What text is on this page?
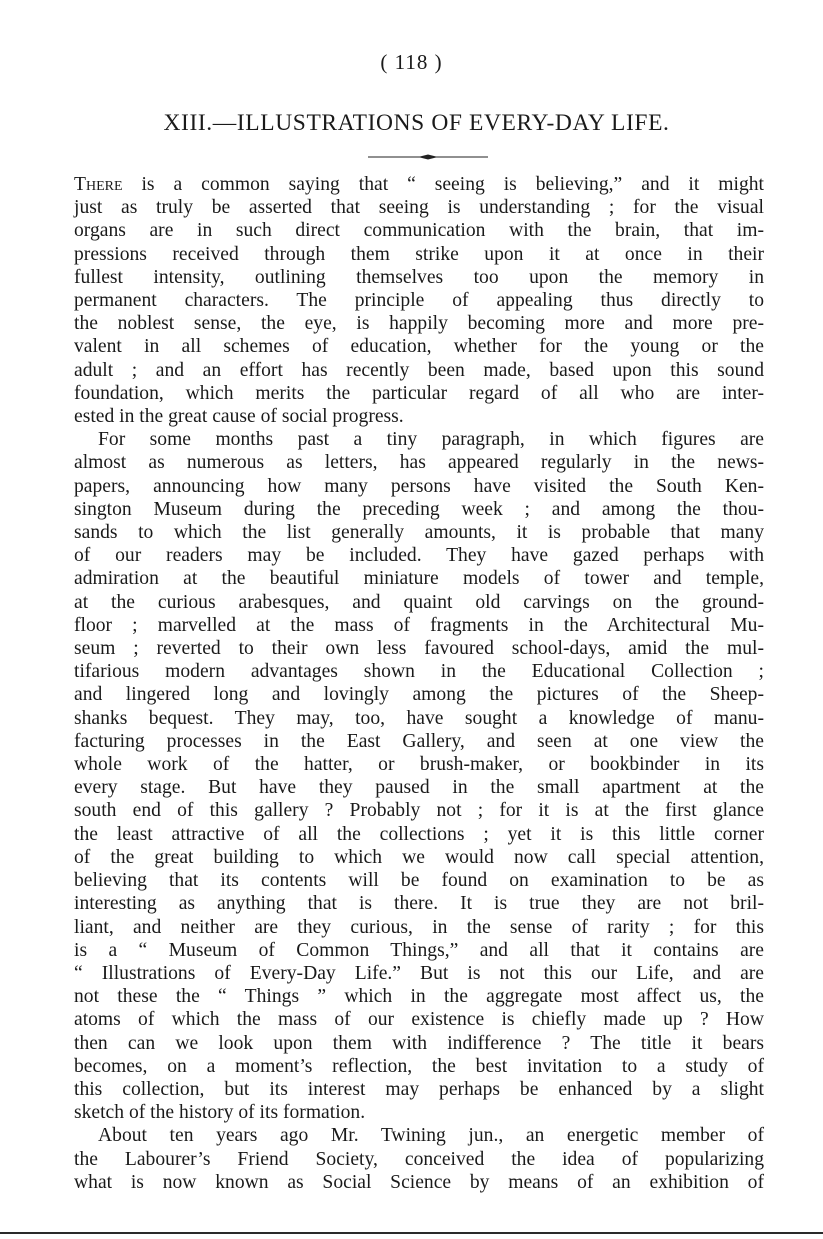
( 118 )
XIII.—ILLUSTRATIONS OF EVERY-DAY LIFE.
There is a common saying that “ seeing is believing,” and it might
just as truly be asserted that seeing is understanding ; for the visual
organs are in such direct communication with the brain, that im-
pressions received through them strike upon it at once in their
fullest intensity, outlining themselves too upon the memory in
permanent characters. The principle of appealing thus directly to
the noblest sense, the eye, is happily becoming more and more pre-
valent in all schemes of education, whether for the young or the
adult ; and an effort has recently been made, based upon this sound
foundation, which merits the particular regard of all who are inter-
ested in the great cause of social progress.
For some months past a tiny paragraph, in which figures are
almost as numerous as letters, has appeared regularly in the news-
papers, announcing how many persons have visited the South Ken-
sington Museum during the preceding week ; and among the thou-
sands to which the list generally amounts, it is probable that many
of our readers may be included. They have gazed perhaps with
admiration at the beautiful miniature models of tower and temple,
at the curious arabesques, and quaint old carvings on the ground-
floor ; marvelled at the mass of fragments in the Architectural Mu-
seum ; reverted to their own less favoured school-days, amid the mul-
tifarious modern advantages shown in the Educational Collection ;
and lingered long and lovingly among the pictures of the Sheep-
shanks bequest. They may, too, have sought a knowledge of manu-
facturing processes in the East Gallery, and seen at one view the
whole work of the hatter, or brush-maker, or bookbinder in its
every stage. But have they paused in the small apartment at the
south end of this gallery ? Probably not ; for it is at the first glance
the least attractive of all the collections ; yet it is this little corner
of the great building to which we would now call special attention,
believing that its contents will be found on examination to be as
interesting as anything that is there. It is true they are not bril-
liant, and neither are they curious, in the sense of rarity ; for this
is a “ Museum of Common Things,” and all that it contains are
“ Illustrations of Every-Day Life.” But is not this our Life, and are
not these the “ Things ” which in the aggregate most affect us, the
atoms of which the mass of our existence is chiefly made up ? How
then can we look upon them with indifference ? The title it bears
becomes, on a moment’s reflection, the best invitation to a study of
this collection, but its interest may perhaps be enhanced by a slight
sketch of the history of its formation.
About ten years ago Mr. Twining jun., an energetic member of
the Labourer’s Friend Society, conceived the idea of popularizing
what is now known as Social Science by means of an exhibition of
